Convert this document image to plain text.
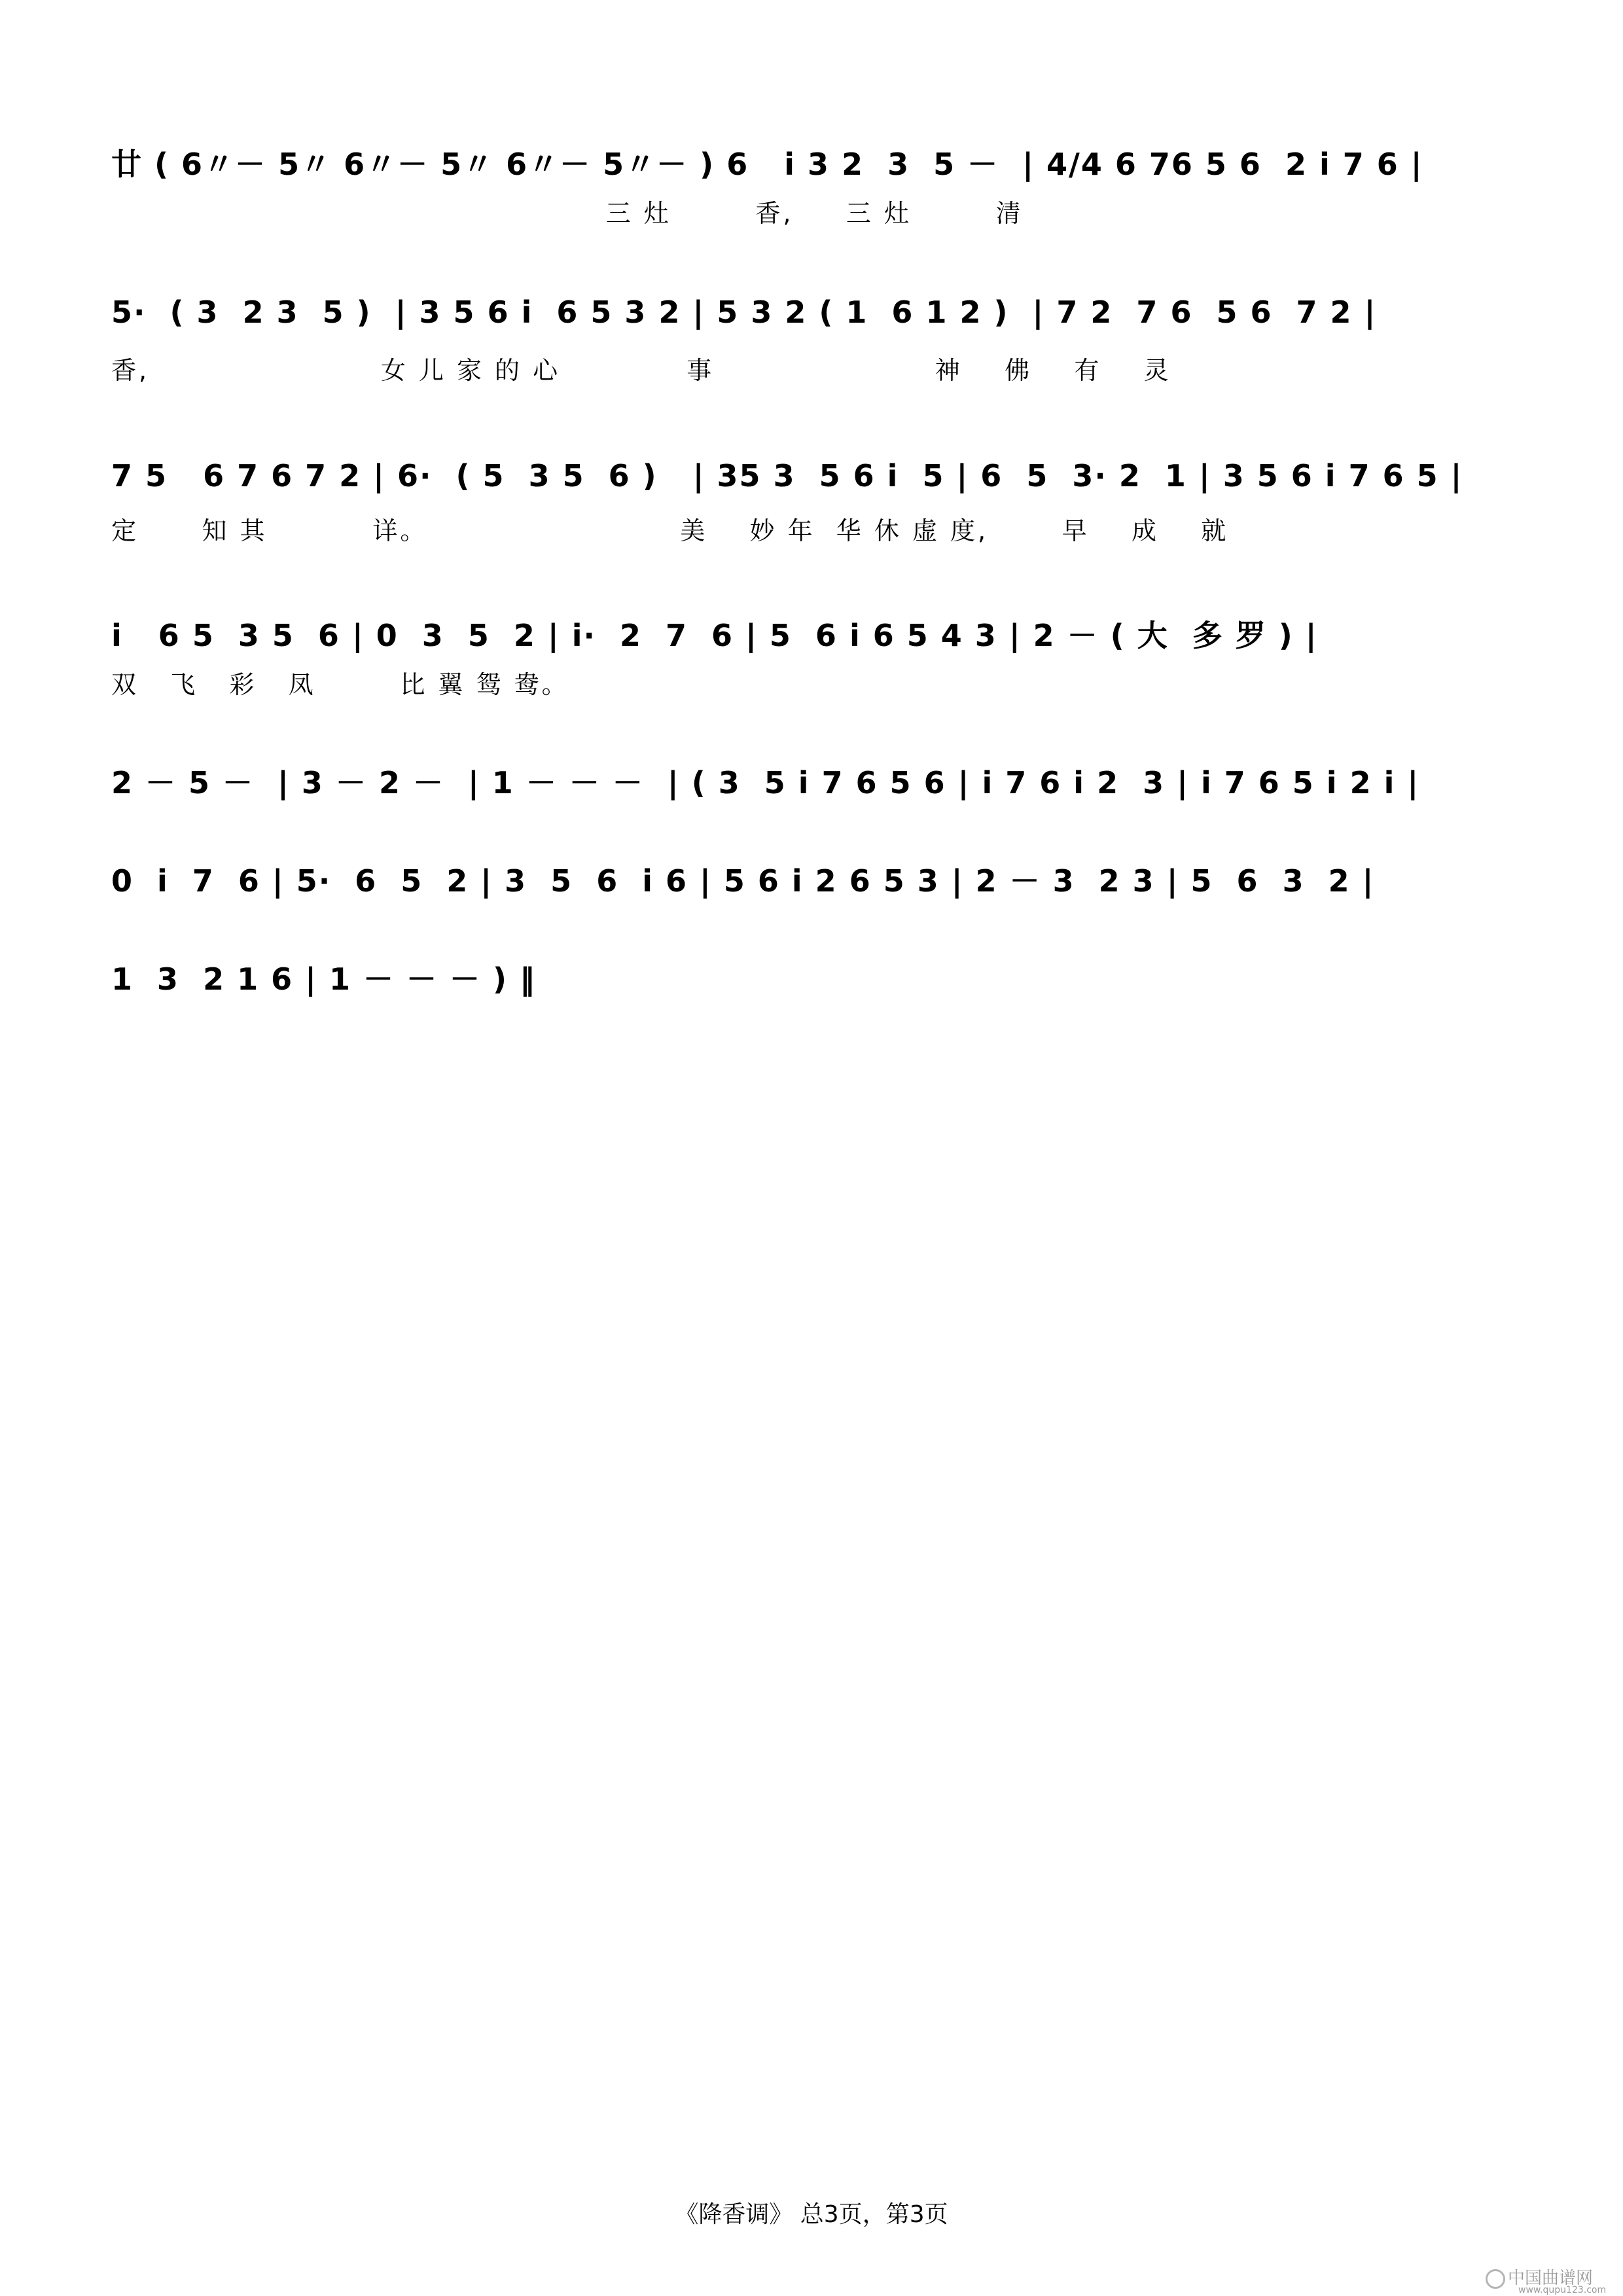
廿 ( 6〃－ 5〃 6〃－ 5〃 6〃－ 5〃－ ) 6   i 3 2  3  5 －  | 4/4 6 76 5 6  2 i 7 6 |
三 灶        香,     三 灶        清
5·  ( 3  2 3  5 )  | 3 5 6 i  6 5 3 2 | 5 3 2 ( 1  6 1 2 )  | 7 2  7 6  5 6  7 2 |
香,                      女 儿 家 的 心            事                     神    佛    有    灵
7 5   6 7 6 7 2 | 6·  ( 5  3 5  6 )   | 35 3  5 6 i  5 | 6  5  3· 2  1 | 3 5 6 i 7 6 5 |
定      知 其          详。                        美    妙 年  华 休 虚 度,       早    成    就
i   6 5  3 5  6 | 0  3  5  2 | i·  2  7  6 | 5  6 i 6 5 4 3 | 2 － ( 大  多 罗 ) |
双   飞   彩   凤        比 翼 鸳 鸯。
2 － 5 －  | 3 － 2 －  | 1 － － －  | ( 3  5 i 7 6 5 6 | i 7 6 i 2  3 | i 7 6 5 i 2 i |
0  i  7  6 | 5·  6  5  2 | 3  5  6  i 6 | 5 6 i 2 6 5 3 | 2 － 3  2 3 | 5  6  3  2 |
1  3  2 1 6 | 1 － － － ) ‖
《降香调》 总3页，第3页
中国曲谱网
www.qupu123.com
